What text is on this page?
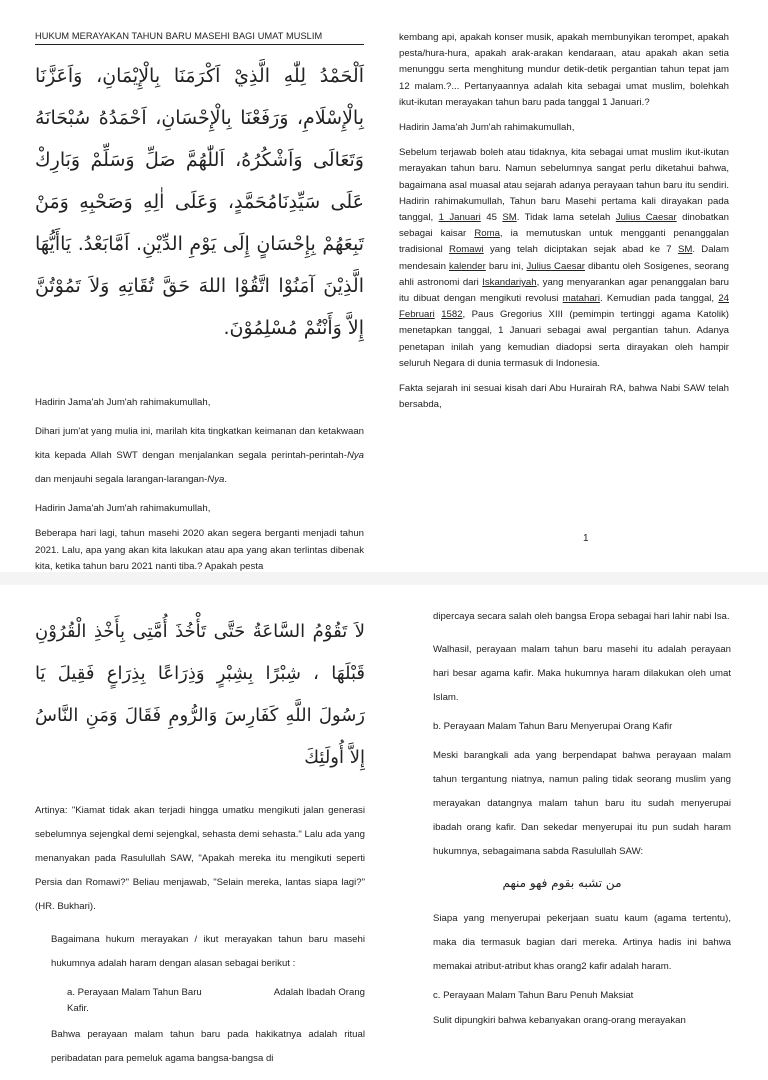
HUKUM MERAYAKAN TAHUN BARU MASEHI BAGI UMAT MUSLIM
اَلْحَمْدُ لِلّٰهِ الَّذِيْ اَكْرَمَنَا بِالْإِيْمَانِ، وَاَعَزَّنَا بِالْإِسْلَامِ، وَرَفَعْنَا بِالْإِحْسَانِ، اَحْمَدُهُ سُبْحَانَهُ وَتَعَالَى وَاَشْكُرُهُ، اَللّٰهُمَّ صَلِّ وَسَلِّمْ وَبَارِكْ عَلَى سَيِّدِنَامُحَمَّدٍ، وَعَلَى اٰلِهِ وَصَحْبِهِ وَمَنْ تَبِعَهُمْ بِإِحْسَانٍ إِلَى يَوْمِ الدِّيْنِ. اَمَّابَعْدُ. يَاأَيُّهَا الَّذِيْنَ آمَنُوْا اتَّقُوْا اللهَ حَقَّ تُقَاتِهِ وَلاَ تَمُوْتُنَّ إِلاَّ وَأَنْتُمْ مُسْلِمُوْنَ.

Hadirin Jama'ah Jum'ah rahimakumullah,

Dihari jum'at yang mulia ini, marilah kita tingkatkan keimanan dan ketakwaan kita kepada Allah SWT dengan menjalankan segala perintah-perintah-Nya dan menjauhi segala larangan-larangan-Nya.

Hadirin Jama'ah Jum'ah rahimakumullah,

Beberapa hari lagi, tahun masehi 2020 akan segera berganti menjadi tahun 2021. Lalu, apa yang akan kita lakukan atau apa yang akan terlintas dibenak kita, ketika tahun baru 2021 nanti tiba.? Apakah pesta

kembang api, apakah konser musik, apakah membunyikan terompet, apakah pesta/hura-hura, apakah arak-arakan kendaraan, atau apakah akan setia menunggu serta menghitung mundur detik-detik pergantian tahun tepat jam 12 malam.?... Pertanyaannya adalah kita sebagai umat muslim, bolehkah ikut-ikutan merayakan tahun baru pada tanggal 1 Januari.?

Hadirin Jama'ah Jum'ah rahimakumullah,

Sebelum terjawab boleh atau tidaknya, kita sebagai umat muslim ikut-ikutan merayakan tahun baru. Namun sebelumnya sangat perlu diketahui bahwa, bagaimana asal muasal atau sejarah adanya perayaan tahun baru itu sendiri. Hadirin rahimakumullah, Tahun baru Masehi pertama kali dirayakan pada tanggal, 1 Januari 45 SM. Tidak lama setelah Julius Caesar dinobatkan sebagai kaisar Roma, ia memutuskan untuk mengganti penanggalan tradisional Romawi yang telah diciptakan sejak abad ke 7 SM. Dalam mendesain kalender baru ini, Julius Caesar dibantu oleh Sosigenes, seorang ahli astronomi dari Iskandariyah, yang menyarankan agar penanggalan baru itu dibuat dengan mengikuti revolusi matahari. Kemudian pada tanggal, 24 Februari 1582, Paus Gregorius XIII (pemimpin tertinggi agama Katolik) menetapkan tanggal, 1 Januari sebagai awal pergantian tahun. Adanya penetapan inilah yang kemudian diadopsi serta dirayakan oleh hampir seluruh Negara di dunia termasuk di Indonesia.

Fakta sejarah ini sesuai kisah dari Abu Hurairah RA, bahwa Nabi SAW telah bersabda,

1
لاَ تَقُوْمُ السَّاعَةُ حَتَّى تَأْخُذَ أُمَّتِى بِأَخْذِ الْقُرُوْنِ قَبْلَهَا ، شِبْرًا بِشِبْرٍ وَذِرَاعًا بِذِرَاعٍ فَقِيلَ يَا رَسُولَ اللَّهِ كَفَارِسَ وَالرُّومِ فَقَالَ وَمَنِ النَّاسُ إِلاَّ أُولَئِكَ

Artinya: "Kiamat tidak akan terjadi hingga umatku mengikuti jalan generasi sebelumnya sejengkal demi sejengkal, sehasta demi sehasta." Lalu ada yang menanyakan pada Rasulullah SAW, "Apakah mereka itu mengikuti seperti Persia dan Romawi?" Beliau menjawab, "Selain mereka, lantas siapa lagi?" (HR. Bukhari).

Bagaimana hukum merayakan / ikut merayakan tahun baru masehi hukumnya adalah haram dengan alasan sebagai berikut :

a. Perayaan Malam Tahun Baru	Adalah Ibadah Orang

Kafir.

Bahwa perayaan malam tahun baru pada hakikatnya adalah ritual peribadatan para pemeluk agama bangsa-bangsa di

dipercaya secara salah oleh bangsa Eropa sebagai hari lahir nabi Isa.

Walhasil, perayaan malam tahun baru masehi itu adalah perayaan hari besar agama kafir. Maka hukumnya haram dilakukan oleh umat Islam.

b. Perayaan Malam Tahun Baru Menyerupai Orang Kafir

Meski barangkali ada yang berpendapat bahwa perayaan malam tahun tergantung niatnya, namun paling tidak seorang muslim yang merayakan datangnya malam tahun baru itu sudah menyerupai ibadah orang kafir. Dan sekedar menyerupai itu pun sudah haram hukumnya, sebagaimana sabda Rasulullah SAW:

من تشبه بقوم فهو منهم

Siapa yang menyerupai pekerjaan suatu kaum (agama tertentu), maka dia termasuk bagian dari mereka. Artinya hadis ini bahwa memakai atribut-atribut khas orang2 kafir adalah haram.

c. Perayaan Malam Tahun Baru Penuh Maksiat

Sulit dipungkiri bahwa kebanyakan orang-orang merayakan
